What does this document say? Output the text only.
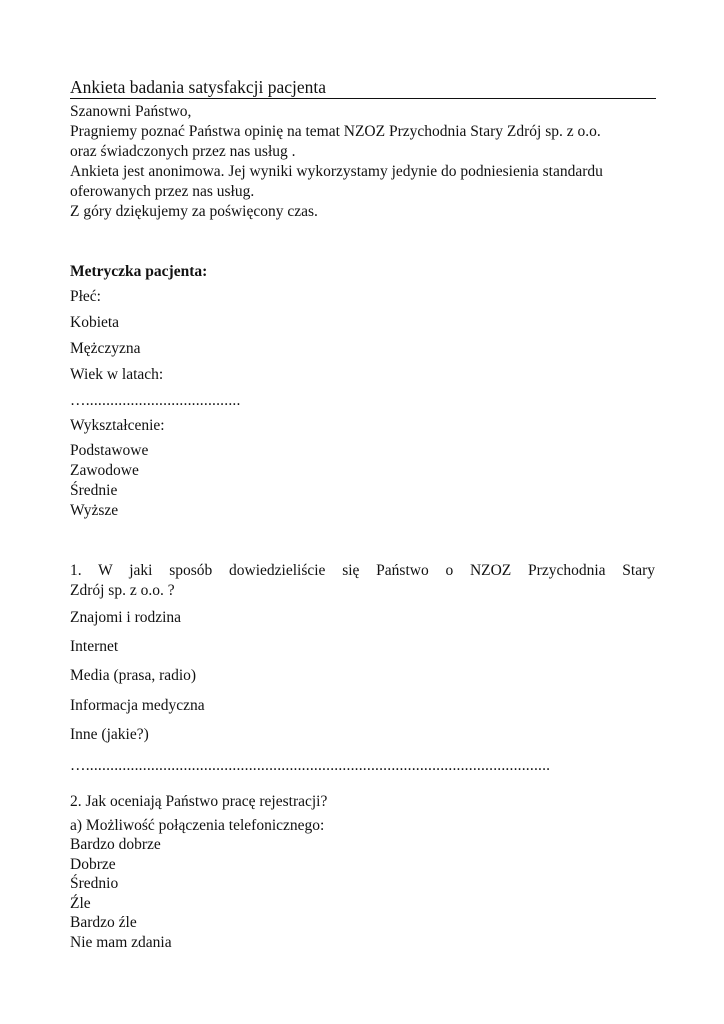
Ankieta badania satysfakcji pacjenta
Szanowni Państwo,
Pragniemy poznać Państwa opinię na temat NZOZ Przychodnia Stary Zdrój sp. z o.o.
oraz świadczonych przez nas usług .
Ankieta jest anonimowa. Jej wyniki wykorzystamy jedynie do podniesienia standardu
oferowanych przez nas usług.
Z góry dziękujemy za poświęcony czas.
Metryczka pacjenta:
Płeć:
Kobieta
Mężczyzna
Wiek w latach:
…......................................
Wykształcenie:
Podstawowe
Zawodowe
Średnie
Wyższe
1. W jaki sposób dowiedzieliście się Państwo o NZOZ Przychodnia Stary
Zdrój sp. z o.o. ?
Znajomi i rodzina
Internet
Media (prasa, radio)
Informacja medyczna
Inne (jakie?)
…..................................................................................................................
2. Jak oceniają Państwo pracę rejestracji?
a) Możliwość połączenia telefonicznego:
Bardzo dobrze
Dobrze
Średnio
Źle
Bardzo źle
Nie mam zdania
